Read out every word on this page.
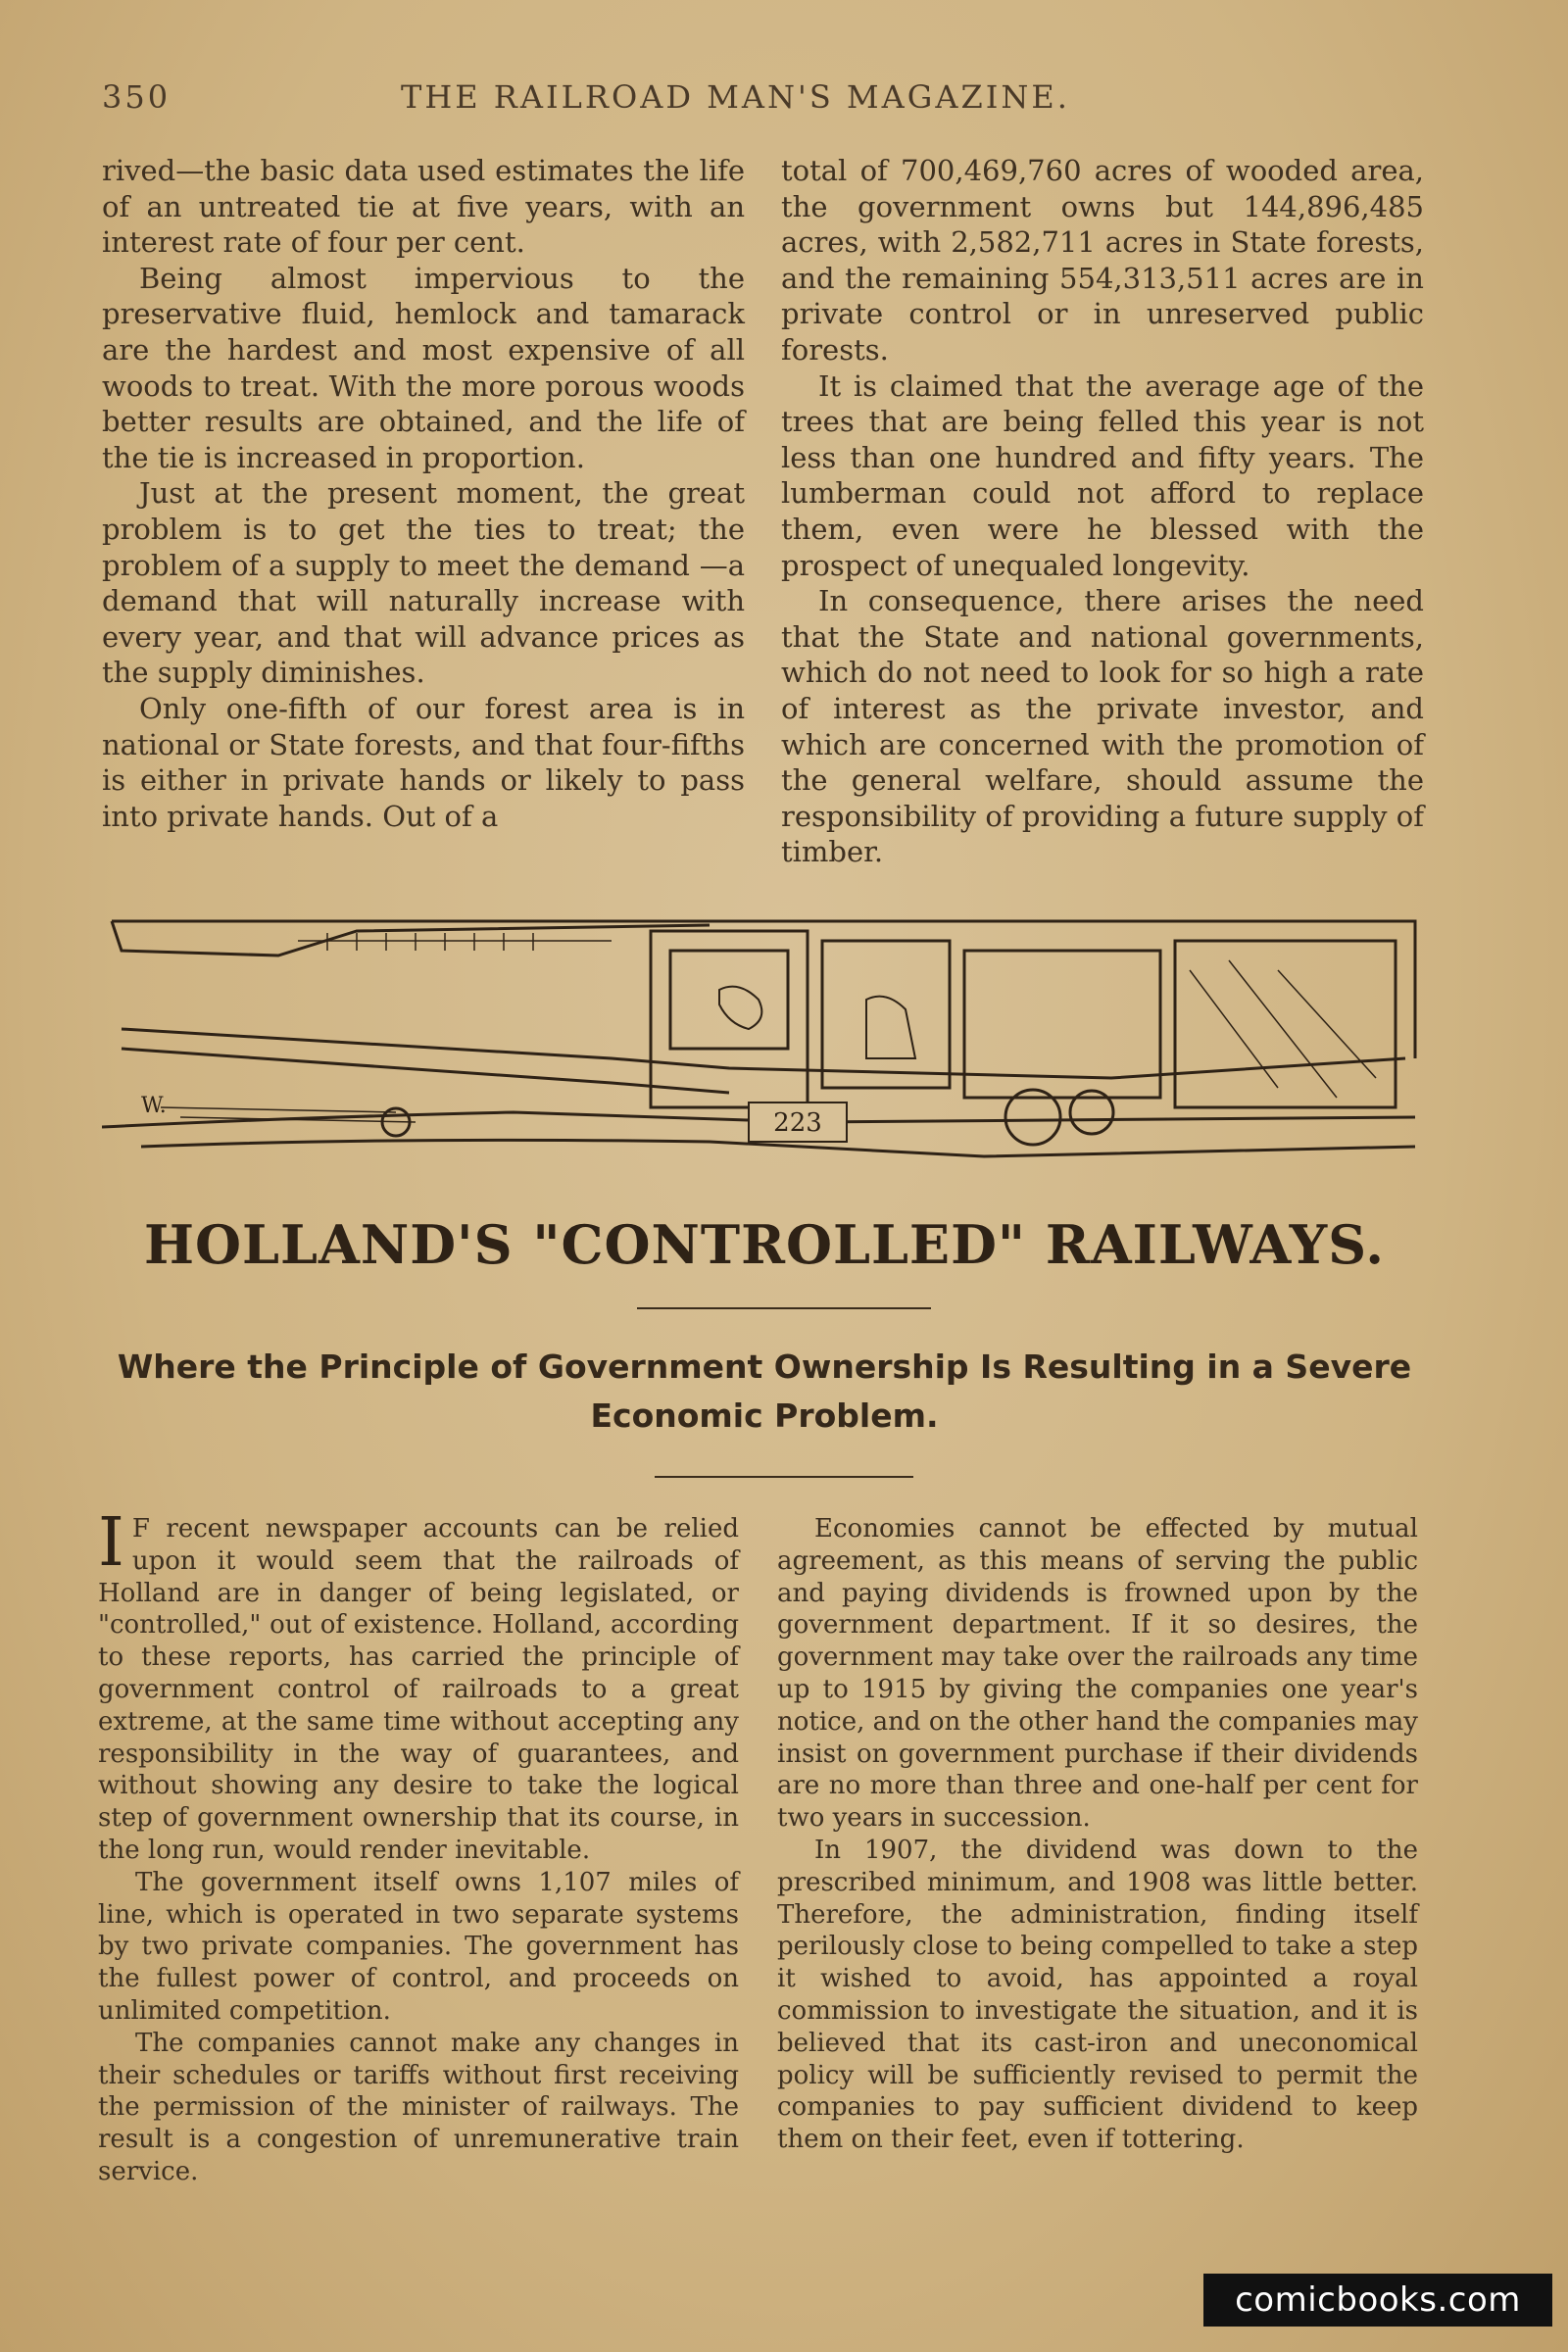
350	THE RAILROAD MAN'S MAGAZINE.

rived—the basic data used estimates the life of an untreated tie at five years, with an interest rate of four per cent.

Being almost impervious to the preservative fluid, hemlock and tamarack are the hardest and most expensive of all woods to treat. With the more porous woods better results are obtained, and the life of the tie is increased in proportion.

Just at the present moment, the great problem is to get the ties to treat; the problem of a supply to meet the demand —a demand that will naturally increase with every year, and that will advance prices as the supply diminishes.

Only one-fifth of our forest area is in national or State forests, and that four-fifths is either in private hands or likely to pass into private hands. Out of a

total of 700,469,760 acres of wooded area, the government owns but 144,896,485 acres, with 2,582,711 acres in State forests, and the remaining 554,313,511 acres are in private control or in unreserved public forests.

It is claimed that the average age of the trees that are being felled this year is not less than one hundred and fifty years. The lumberman could not afford to replace them, even were he blessed with the prospect of unequaled longevity.

In consequence, there arises the need that the State and national governments, which do not need to look for so high a rate of interest as the private investor, and which are concerned with the promotion of the general welfare, should assume the responsibility of providing a future supply of timber.

223
W.
HOLLAND'S "CONTROLLED" RAILWAYS.
Where the Principle of Government Ownership Is Resulting in a Severe Economic Problem.

I F recent newspaper accounts can be relied upon it would seem that the railroads of Holland are in danger of being legislated, or "controlled," out of existence. Holland, according to these reports, has carried the principle of government control of railroads to a great extreme, at the same time without accepting any responsibility in the way of guarantees, and without showing any desire to take the logical step of government ownership that its course, in the long run, would render inevitable.

The government itself owns 1,107 miles of line, which is operated in two separate systems by two private companies. The government has the fullest power of control, and proceeds on unlimited competition.

The companies cannot make any changes in their schedules or tariffs without first receiving the permission of the minister of railways. The result is a congestion of unremunerative train service.

Economies cannot be effected by mutual agreement, as this means of serving the public and paying dividends is frowned upon by the government department. If it so desires, the government may take over the railroads any time up to 1915 by giving the companies one year's notice, and on the other hand the companies may insist on government purchase if their dividends are no more than three and one-half per cent for two years in succession.

In 1907, the dividend was down to the prescribed minimum, and 1908 was little better. Therefore, the administration, finding itself perilously close to being compelled to take a step it wished to avoid, has appointed a royal commission to investigate the situation, and it is believed that its cast-iron and uneconomical policy will be sufficiently revised to permit the companies to pay sufficient dividend to keep them on their feet, even if tottering.

comicbooks.com
